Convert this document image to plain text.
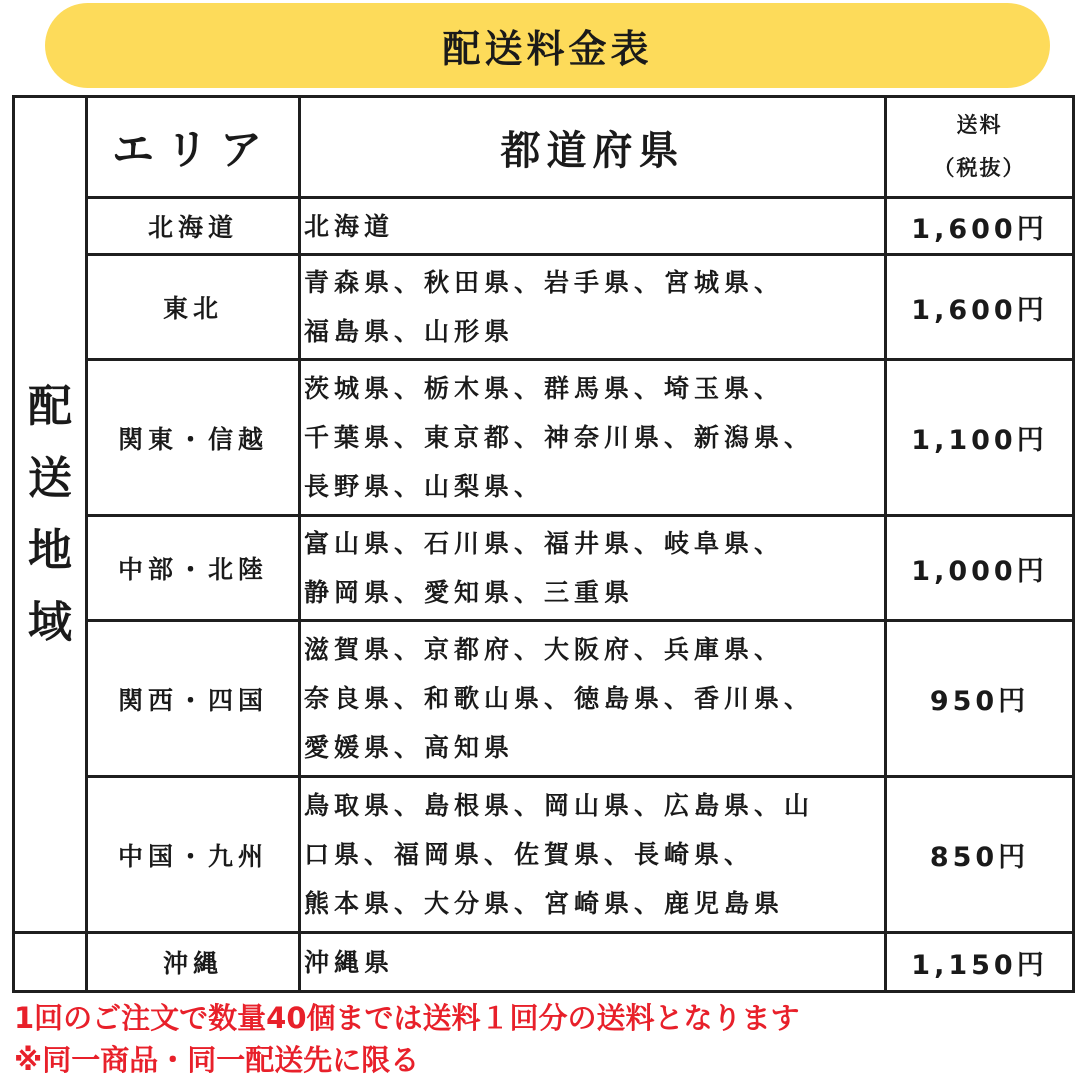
配送料金表
配
送
地
域	エリア	都道府県	送料
（税抜）

	北海道	北海道	1,600円
	東北	青森県、秋田県、岩手県、宮城県、
福島県、山形県	1,600円
	関東・信越	茨城県、栃木県、群馬県、埼玉県、
千葉県、東京都、神奈川県、新潟県、
長野県、山梨県、	1,100円
	中部・北陸	富山県、石川県、福井県、岐阜県、
静岡県、愛知県、三重県	1,000円
	関西・四国	滋賀県、京都府、大阪府、兵庫県、
奈良県、和歌山県、徳島県、香川県、
愛媛県、高知県	950円
	中国・九州	鳥取県、島根県、岡山県、広島県、山
口県、福岡県、佐賀県、長崎県、
熊本県、大分県、宮崎県、鹿児島県	850円
	沖縄	沖縄県	1,150円
1回のご注文で数量40個までは送料１回分の送料となります
※同一商品・同一配送先に限る
